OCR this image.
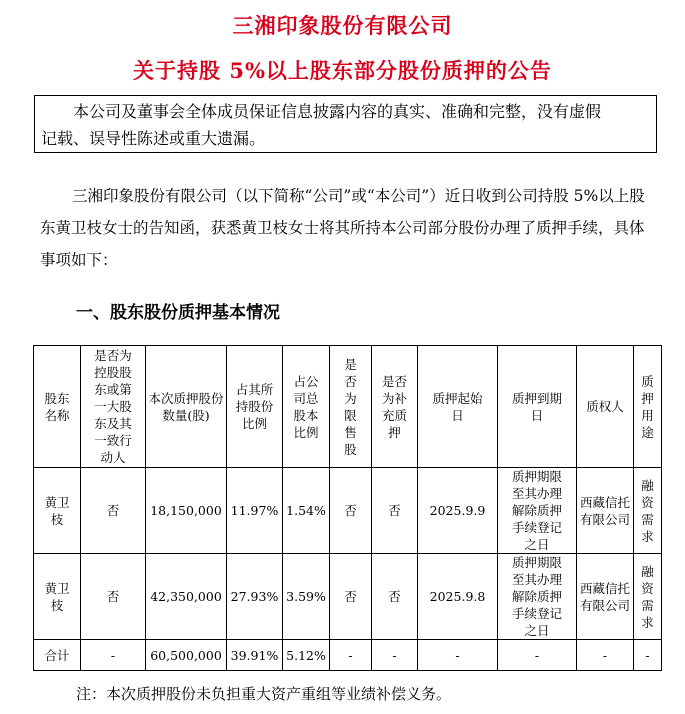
三湘印象股份有限公司
关于持股 5%以上股东部分股份质押的公告
本公司及董事会全体成员保证信息披露内容的真实、准确和完整，没有虚假
记载、误导性陈述或重大遗漏。

三湘印象股份有限公司（以下简称“公司”或“本公司”）近日收到公司持股 5%以上股东黄卫枝女士的告知函，获悉黄卫枝女士将其所持本公司部分股份办理了质押手续，具体事项如下：

一、股东股份质押基本情况
股东名称	是否为控股股东或第一大股东及其一致行动人	本次质押股份数量(股)	占其所持股份比例	占公司总股本比例	是否为限售股	是否为补充质押	质押起始日	质押到期日	质权人	质押用途
黄卫枝	否	18,150,000	11.97%	1.54%	否	否	2025.9.9	质押期限至其办理解除质押手续登记之日	西藏信托有限公司	融资需求
黄卫枝	否	42,350,000	27.93%	3.59%	否	否	2025.9.8	质押期限至其办理解除质押手续登记之日	西藏信托有限公司	融资需求
合计	-	60,500,000	39.91%	5.12%	-	-	-	-	-	-

注：本次质押股份未负担重大资产重组等业绩补偿义务。
